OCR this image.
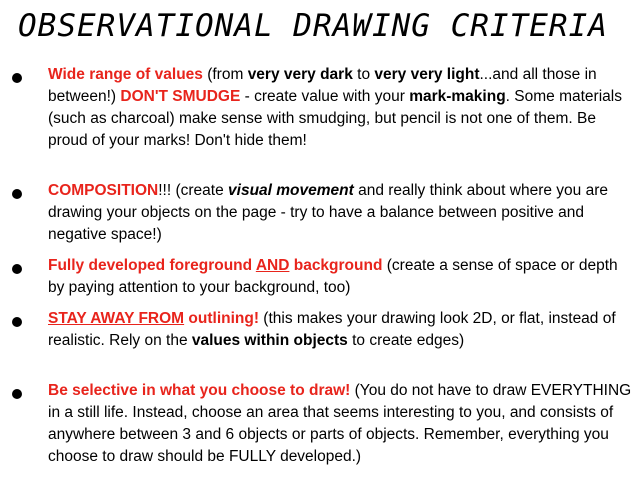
OBSERVATIONAL DRAWING CRITERIA
Wide range of values (from very very dark to very very light...and all those in between!) DON'T SMUDGE - create value with your mark-making. Some materials (such as charcoal) make sense with smudging, but pencil is not one of them. Be proud of your marks! Don't hide them!
COMPOSITION!!! (create visual movement and really think about where you are drawing your objects on the page - try to have a balance between positive and negative space!)
Fully developed foreground AND background (create a sense of space or depth by paying attention to your background, too)
STAY AWAY FROM outlining! (this makes your drawing look 2D, or flat, instead of realistic. Rely on the values within objects to create edges)
Be selective in what you choose to draw! (You do not have to draw EVERYTHING in a still life. Instead, choose an area that seems interesting to you, and consists of anywhere between 3 and 6 objects or parts of objects. Remember, everything you choose to draw should be FULLY developed.)
